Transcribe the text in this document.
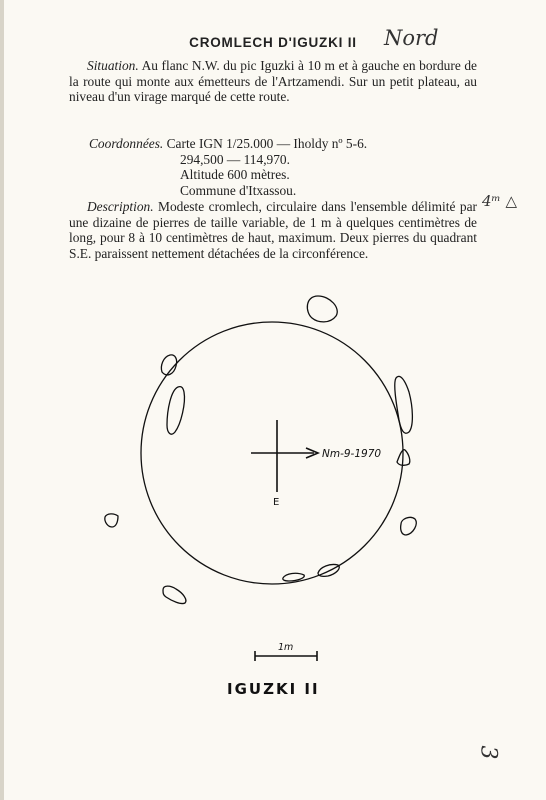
CROMLECH D'IGUZKI II	Nord
4ᵐ △
3

Situation. Au flanc N.W. du pic Iguzki à 10 m et à gauche en bordure de la route qui monte aux émetteurs de l'Artzamendi. Sur un petit plateau, au niveau d'un virage marqué de cette route.

Coordonnées. Carte IGN 1/25.000 — Iholdy nº 5-6.
294,500 — 114,970.
Altitude 600 mètres.
Commune d'Itxassou.

Description. Modeste cromlech, circulaire dans l'ensemble délimité par une dizaine de pierres de taille variable, de 1 m à quelques centimètres de long, pour 8 à 10 centimètres de haut, maximum. Deux pierres du quadrant S.E. paraissent nettement détachées de la circonférence.

Nm-9-1970
E
1m
IGUZKI II
